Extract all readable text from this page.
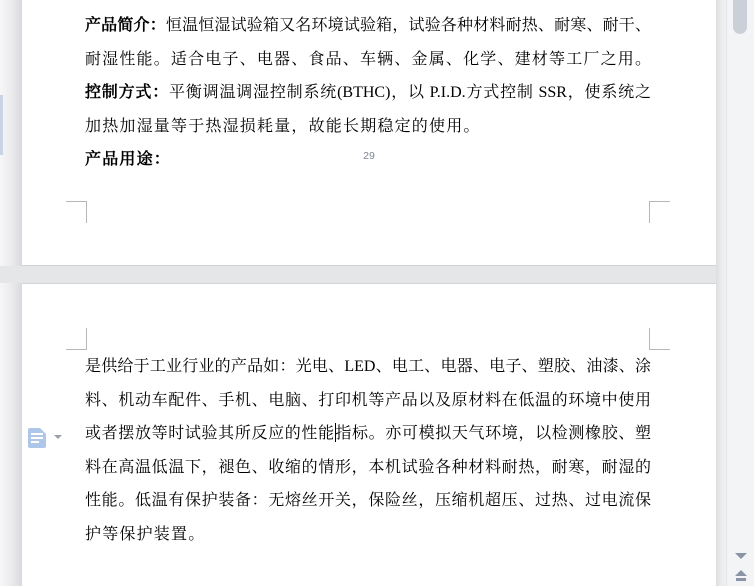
产品简介：恒温恒湿试验箱又名环境试验箱，试验各种材料耐热、耐寒、耐干、
耐湿性能。适合电子、电器、食品、车辆、金属、化学、建材等工厂之用。
控制方式：平衡调温调湿控制系统(BTHC)，以 P.I.D.方式控制 SSR，使系统之
加热加湿量等于热湿损耗量，故能长期稳定的使用。
产品用途：	29
是供给于工业行业的产品如：光电、LED、电工、电器、电子、塑胶、油漆、涂
料、机动车配件、手机、电脑、打印机等产品以及原材料在低温的环境中使用
或者摆放等时试验其所反应的性能指标。亦可模拟天气环境，以检测橡胶、塑
料在高温低温下，褪色、收缩的情形，本机试验各种材料耐热，耐寒，耐湿的
性能。低温有保护装备：无熔丝开关，保险丝，压缩机超压、过热、过电流保
护等保护装置。
